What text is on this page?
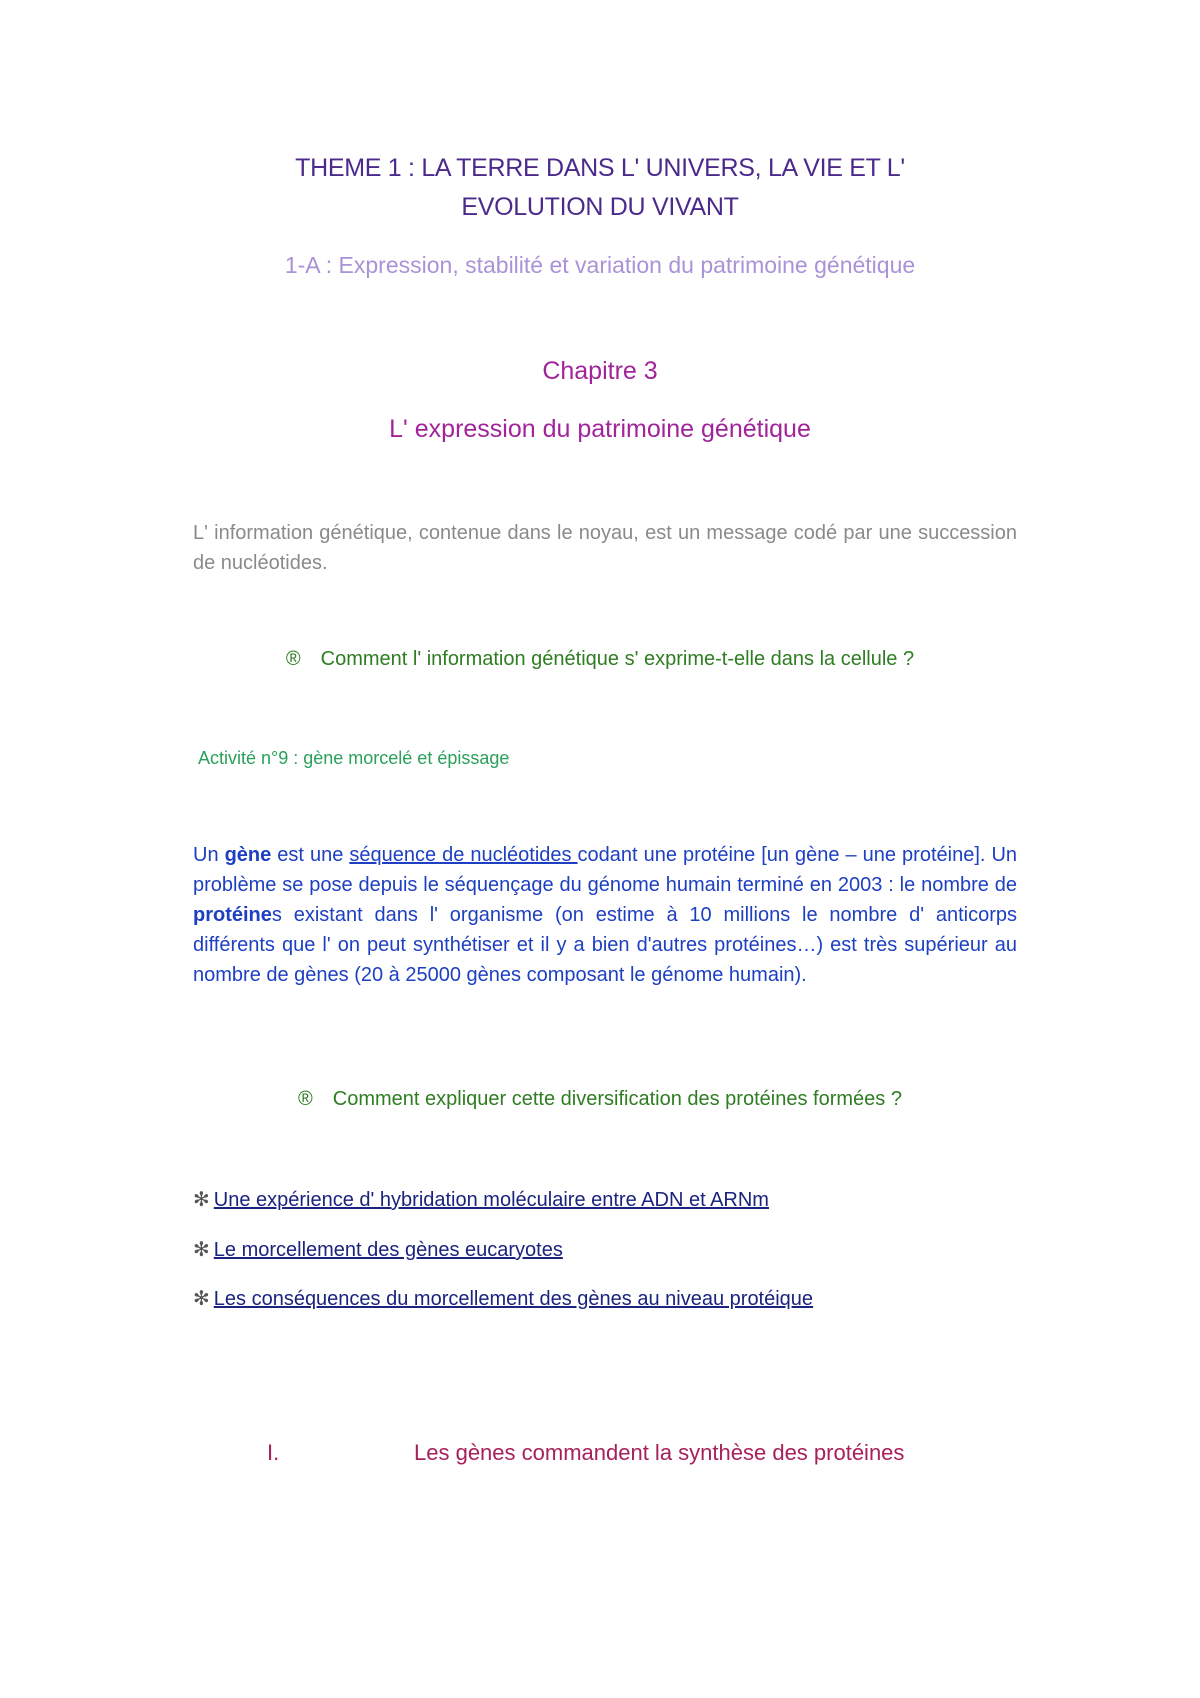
THEME 1 : LA TERRE DANS L' UNIVERS, LA VIE ET L'
EVOLUTION DU VIVANT
1-A : Expression, stabilité et variation du patrimoine génétique
Chapitre 3
L' expression du patrimoine génétique
L' information génétique, contenue dans le noyau, est un message codé par une succession de nucléotides.
® Comment l' information génétique s' exprime-t-elle dans la cellule ?
Activité n°9 : gène morcelé et épissage
Un gène est une séquence de nucléotides codant une protéine [un gène – une protéine]. Un problème se pose depuis le séquençage du génome humain terminé en 2003 : le nombre de protéines existant dans l' organisme (on estime à 10 millions le nombre d' anticorps différents que l' on peut synthétiser et il y a bien d'autres protéines…) est très supérieur au nombre de gènes (20 à 25000 gènes composant le génome humain).
® Comment expliquer cette diversification des protéines formées ?
✻ Une expérience d' hybridation moléculaire entre ADN et ARNm
✻ Le morcellement des gènes eucaryotes
✻ Les conséquences du morcellement des gènes au niveau protéique
I.	Les gènes commandent la synthèse des protéines
